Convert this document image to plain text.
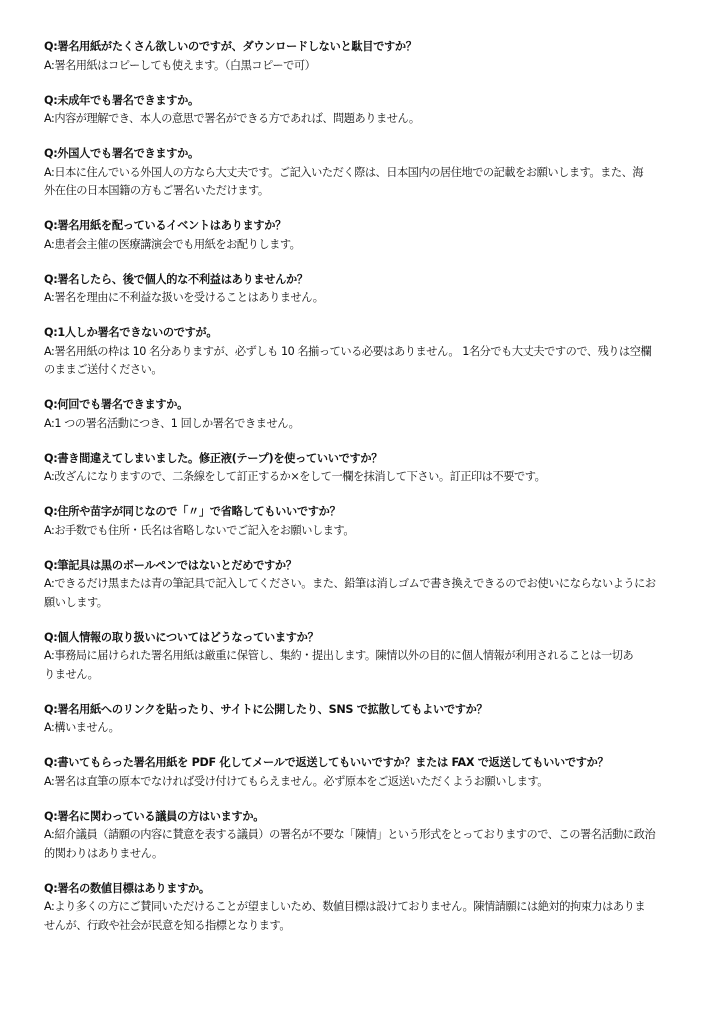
Q:署名用紙がたくさん欲しいのですが、ダウンロードしないと駄目ですか？
A:署名用紙はコピーしても使えます。（白黒コピーで可）
Q:未成年でも署名できますか。
A:内容が理解でき、本人の意思で署名ができる方であれば、問題ありません。
Q:外国人でも署名できますか。
A:日本に住んでいる外国人の方なら大丈夫です。ご記入いただく際は、日本国内の居住地での記載をお願いします。また、海
外在住の日本国籍の方もご署名いただけます。
Q:署名用紙を配っているイベントはありますか？
A:患者会主催の医療講演会でも用紙をお配りします。
Q:署名したら、後で個人的な不利益はありませんか？
A:署名を理由に不利益な扱いを受けることはありません。
Q:1人しか署名できないのですが。
A:署名用紙の枠は 10 名分ありますが、必ずしも 10 名揃っている必要はありません。 1名分でも大丈夫ですので、残りは空欄
のままご送付ください。
Q:何回でも署名できますか。
A:1 つの署名活動につき、1 回しか署名できません。
Q:書き間違えてしまいました。修正液(テープ)を使っていいですか？
A:改ざんになりますので、二条線をして訂正するか×をして一欄を抹消して下さい。訂正印は不要です。
Q:住所や苗字が同じなので「〃」で省略してもいいですか？
A:お手数でも住所・氏名は省略しないでご記入をお願いします。
Q:筆記具は黒のボールペンではないとだめですか？
A:できるだけ黒または青の筆記具で記入してください。また、鉛筆は消しゴムで書き換えできるのでお使いにならないようにお
願いします。
Q:個人情報の取り扱いについてはどうなっていますか？
A:事務局に届けられた署名用紙は厳重に保管し、集約・提出します。陳情以外の目的に個人情報が利用されることは一切あ
りません。
Q:署名用紙へのリンクを貼ったり、サイトに公開したり、SNS で拡散してもよいですか？
A:構いません。
Q:書いてもらった署名用紙を PDF 化してメールで返送してもいいですか？または FAX で返送してもいいですか？
A:署名は直筆の原本でなければ受け付けてもらえません。必ず原本をご返送いただくようお願いします。
Q:署名に関わっている議員の方はいますか。
A:紹介議員（請願の内容に賛意を表する議員）の署名が不要な「陳情」という形式をとっておりますので、この署名活動に政治
的関わりはありません。
Q:署名の数値目標はありますか。
A:より多くの方にご賛同いただけることが望ましいため、数値目標は設けておりません。陳情請願には絶対的拘束力はありま
せんが、行政や社会が民意を知る指標となります。
